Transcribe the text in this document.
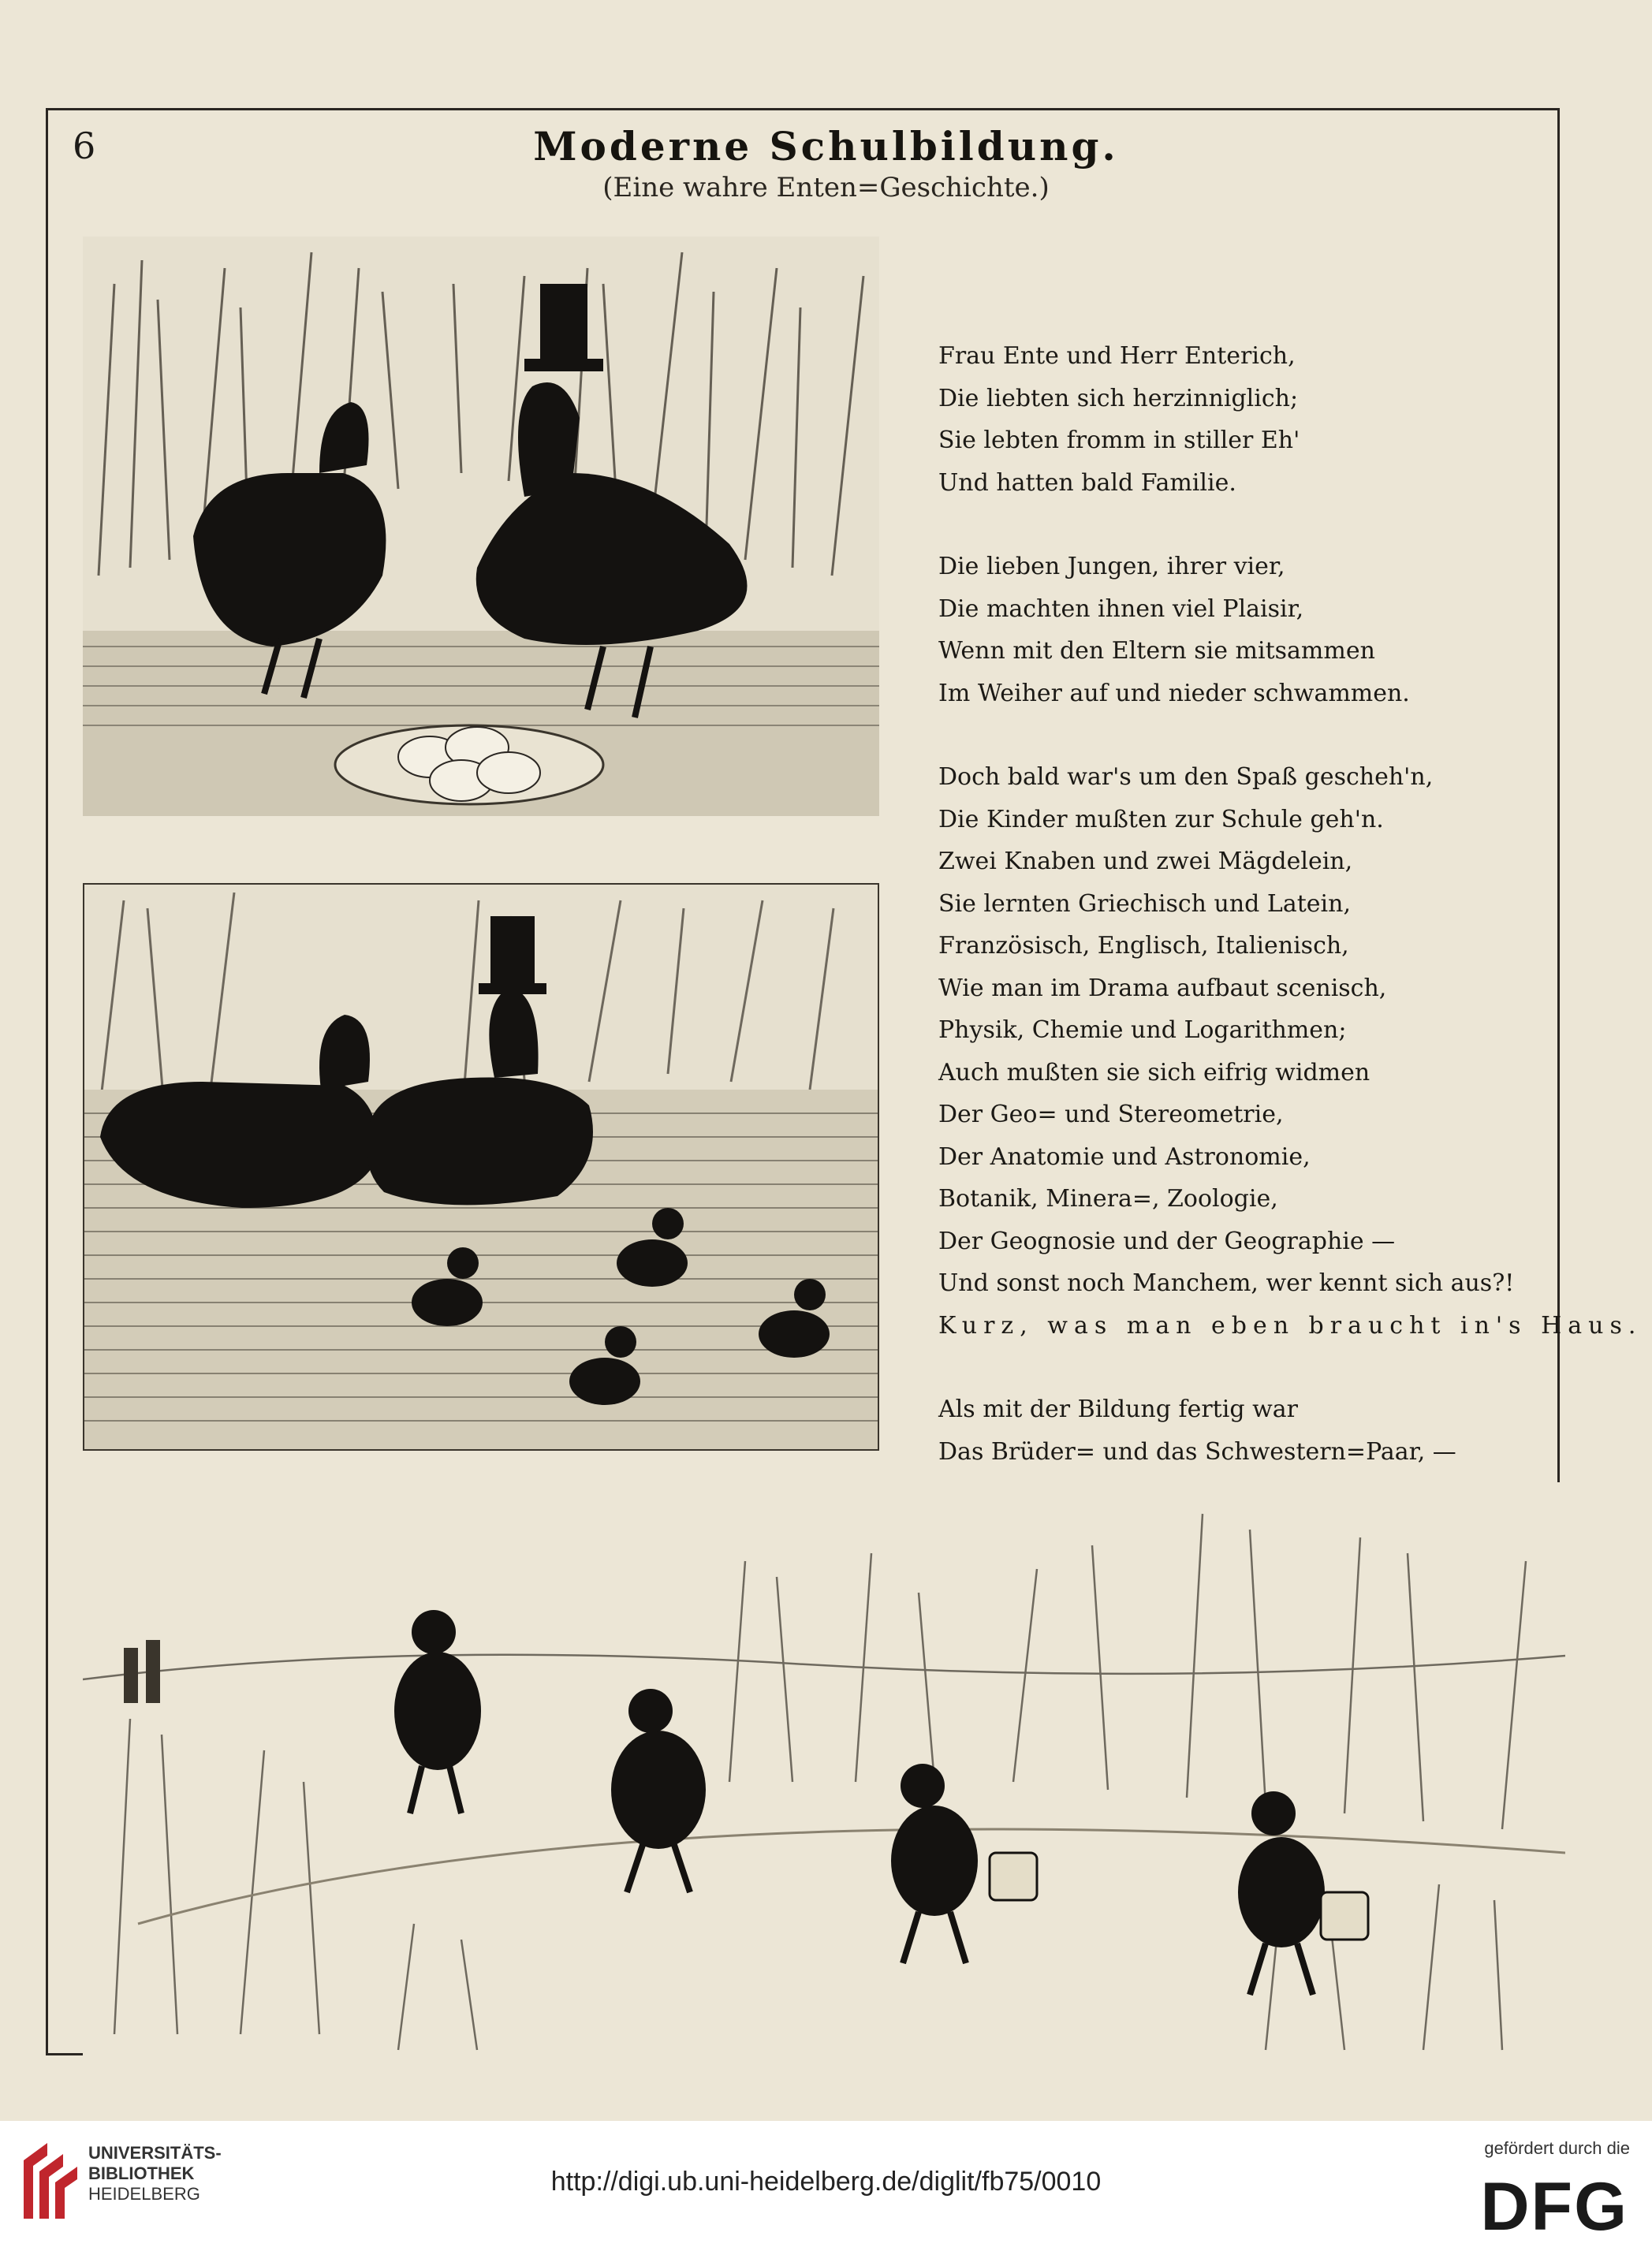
6	Moderne Schulbildung.
(Eine wahre Enten=Geschichte.)
Frau Ente und Herr Enterich,
Die liebten sich herzinniglich;
Sie lebten fromm in stiller Eh'
Und hatten bald Familie.
Die lieben Jungen, ihrer vier,
Die machten ihnen viel Plaisir,
Wenn mit den Eltern sie mitsammen
Im Weiher auf und nieder schwammen.
Doch bald war's um den Spaß gescheh'n,
Die Kinder mußten zur Schule geh'n.
Zwei Knaben und zwei Mägdelein,
Sie lernten Griechisch und Latein,
Französisch, Englisch, Italienisch,
Wie man im Drama aufbaut scenisch,
Physik, Chemie und Logarithmen;
Auch mußten sie sich eifrig widmen
Der Geo= und Stereometrie,
Der Anatomie und Astronomie,
Botanik, Minera=, Zoologie,
Der Geognosie und der Geographie —
Und sonst noch Manchem, wer kennt sich aus?!
Kurz, was man eben braucht in's Haus.
Als mit der Bildung fertig war
Das Brüder= und das Schwestern=Paar, —
UNIVERSITÄTS-
BIBLIOTHEK
HEIDELBERG	http://digi.ub.uni-heidelberg.de/diglit/fb75/0010
gefördert durch die
DFG
